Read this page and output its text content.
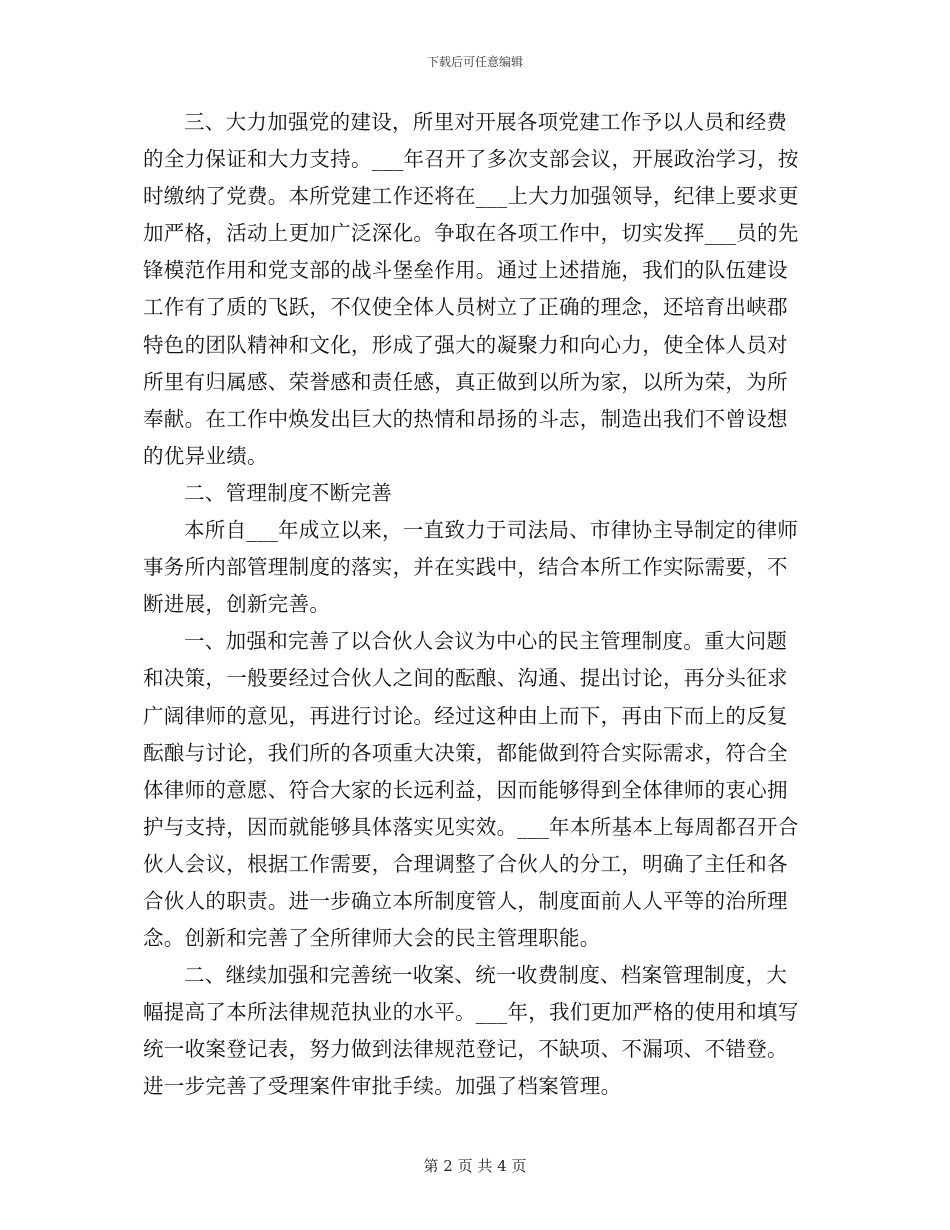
下载后可任意编辑

三、大力加强党的建设，所里对开展各项党建工作予以人员和经费的全力保证和大力支持。___年召开了多次支部会议，开展政治学习，按时缴纳了党费。本所党建工作还将在___上大力加强领导，纪律上要求更加严格，活动上更加广泛深化。争取在各项工作中，切实发挥___员的先锋模范作用和党支部的战斗堡垒作用。通过上述措施，我们的队伍建设工作有了质的飞跃，不仅使全体人员树立了正确的理念，还培育出峡郡特色的团队精神和文化，形成了强大的凝聚力和向心力，使全体人员对所里有归属感、荣誉感和责任感，真正做到以所为家，以所为荣，为所奉献。在工作中焕发出巨大的热情和昂扬的斗志，制造出我们不曾设想的优异业绩。

二、管理制度不断完善

本所自___年成立以来，一直致力于司法局、市律协主导制定的律师事务所内部管理制度的落实，并在实践中，结合本所工作实际需要，不断进展，创新完善。

一、加强和完善了以合伙人会议为中心的民主管理制度。重大问题和决策，一般要经过合伙人之间的酝酿、沟通、提出讨论，再分头征求广阔律师的意见，再进行讨论。经过这种由上而下，再由下而上的反复酝酿与讨论，我们所的各项重大决策，都能做到符合实际需求，符合全体律师的意愿、符合大家的长远利益，因而能够得到全体律师的衷心拥护与支持，因而就能够具体落实见实效。___年本所基本上每周都召开合伙人会议，根据工作需要，合理调整了合伙人的分工，明确了主任和各合伙人的职责。进一步确立本所制度管人，制度面前人人平等的治所理念。创新和完善了全所律师大会的民主管理职能。

二、继续加强和完善统一收案、统一收费制度、档案管理制度，大幅提高了本所法律规范执业的水平。___年，我们更加严格的使用和填写统一收案登记表，努力做到法律规范登记，不缺项、不漏项、不错登。进一步完善了受理案件审批手续。加强了档案管理。

第 2 页 共 4 页
